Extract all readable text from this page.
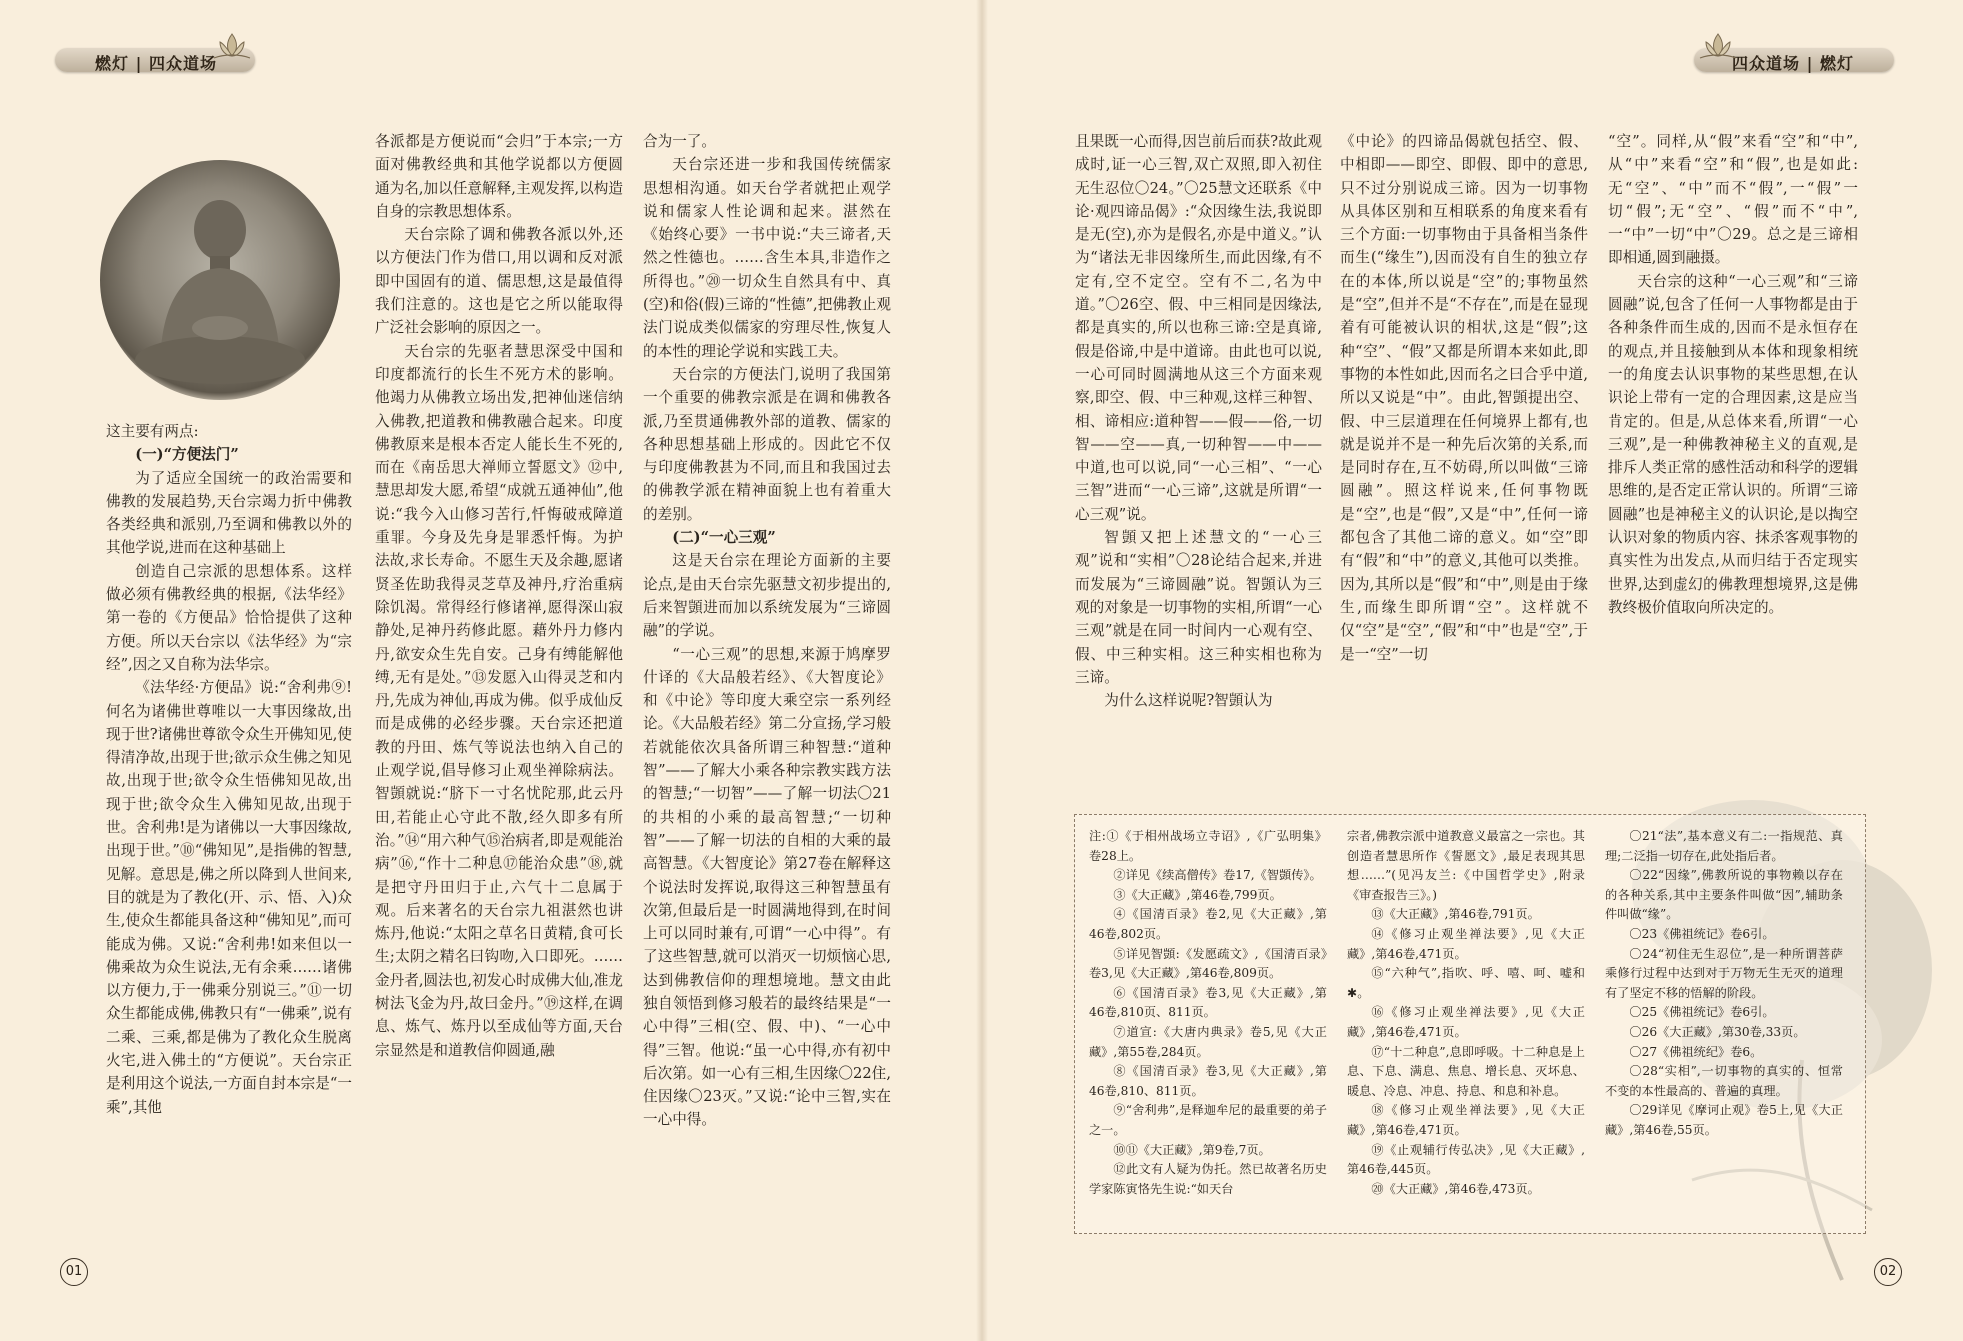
燃灯 | 四众道场

这主要有两点:

(一)“方便法门”

为了适应全国统一的政治需要和佛教的发展趋势,天台宗竭力折中佛教各类经典和派别,乃至调和佛教以外的其他学说,进而在这种基础上

创造自己宗派的思想体系。这样做必须有佛教经典的根据,《法华经》第一卷的《方便品》恰恰提供了这种方便。所以天台宗以《法华经》为“宗经”,因之又自称为法华宗。

《法华经·方便品》说:“舍利弗⑨!何名为诸佛世尊唯以一大事因缘故,出现于世?诸佛世尊欲令众生开佛知见,使得清净故,出现于世;欲示众生佛之知见故,出现于世;欲令众生悟佛知见故,出现于世;欲令众生入佛知见故,出现于世。舍利弗!是为诸佛以一大事因缘故,出现于世。”⑩“佛知见”,是指佛的智慧,见解。意思是,佛之所以降到人世间来,目的就是为了教化(开、示、悟、入)众生,使众生都能具备这种“佛知见”,而可能成为佛。又说:“舍利弗!如来但以一佛乘故为众生说法,无有余乘……诸佛以方便力,于一佛乘分别说三。”⑪一切众生都能成佛,佛教只有“一佛乘”,说有二乘、三乘,都是佛为了教化众生脱离火宅,进入佛土的“方便说”。天台宗正是利用这个说法,一方面自封本宗是“一乘”,其他

各派都是方便说而“会归”于本宗;一方面对佛教经典和其他学说都以方便圆通为名,加以任意解释,主观发挥,以构造自身的宗教思想体系。

天台宗除了调和佛教各派以外,还以方便法门作为借口,用以调和反对派即中国固有的道、儒思想,这是最值得我们注意的。这也是它之所以能取得广泛社会影响的原因之一。

天台宗的先驱者慧思深受中国和印度都流行的长生不死方术的影响。他竭力从佛教立场出发,把神仙迷信纳入佛教,把道教和佛教融合起来。印度佛教原来是根本否定人能长生不死的,而在《南岳思大禅师立誓愿文》⑫中,慧思却发大愿,希望“成就五通神仙”,他说:“我今入山修习苦行,忏悔破戒障道重罪。今身及先身是罪悉忏悔。为护法故,求长寿命。不愿生天及余趣,愿诸贤圣佐助我得灵芝草及神丹,疗治重病除饥渴。常得经行修诸禅,愿得深山寂静处,足神丹药修此愿。藉外丹力修内丹,欲安众生先自安。己身有缚能解他缚,无有是处。”⑬发愿入山得灵芝和内丹,先成为神仙,再成为佛。似乎成仙反而是成佛的必经步骤。天台宗还把道教的丹田、炼气等说法也纳入自己的止观学说,倡导修习止观坐禅除病法。智顗就说:“脐下一寸名忧陀那,此云丹田,若能止心守此不散,经久即多有所治。”⑭“用六种气⑮治病者,即是观能治病”⑯,“作十二种息⑰能治众患”⑱,就是把守丹田归于止,六气十二息属于观。后来著名的天台宗九祖湛然也讲炼丹,他说:“太阳之草名日黄精,食可长生;太阴之精名曰钩吻,入口即死。……金丹者,圆法也,初发心时成佛大仙,准龙树法飞金为丹,故曰金丹。”⑲这样,在调息、炼气、炼丹以至成仙等方面,天台宗显然是和道教信仰圆通,融

合为一了。

天台宗还进一步和我国传统儒家思想相沟通。如天台学者就把止观学说和儒家人性论调和起来。湛然在《始终心要》一书中说:“夫三谛者,天然之性德也。……含生本具,非造作之所得也。”⑳一切众生自然具有中、真(空)和俗(假)三谛的“性德”,把佛教止观法门说成类似儒家的穷理尽性,恢复人的本性的理论学说和实践工夫。

天台宗的方便法门,说明了我国第一个重要的佛教宗派是在调和佛教各派,乃至贯通佛教外部的道教、儒家的各种思想基础上形成的。因此它不仅与印度佛教甚为不同,而且和我国过去的佛教学派在精神面貌上也有着重大的差别。

(二)“一心三观”

这是天台宗在理论方面新的主要论点,是由天台宗先驱慧文初步提出的,后来智顗进而加以系统发展为“三谛圆融”的学说。

“一心三观”的思想,来源于鸠摩罗什译的《大品般若经》、《大智度论》和《中论》等印度大乘空宗一系列经论。《大品般若经》第二分宣扬,学习般若就能依次具备所谓三种智慧:“道种智”——了解大小乘各种宗教实践方法的智慧;“一切智”——了解一切法〇21的共相的小乘的最高智慧;“一切种智”——了解一切法的自相的大乘的最高智慧。《大智度论》第27卷在解释这个说法时发挥说,取得这三种智慧虽有次第,但最后是一时圆满地得到,在时间上可以同时兼有,可谓“一心中得”。有了这些智慧,就可以消灭一切烦恼心思,达到佛教信仰的理想境地。慧文由此独自领悟到修习般若的最终结果是“一心中得”三相(空、假、中)、“一心中得”三智。他说:“虽一心中得,亦有初中后次第。如一心有三相,生因缘〇22住,住因缘〇23灭。”又说:“论中三智,实在一心中得。

01
四众道场 | 燃灯

且果既一心而得,因岂前后而获?故此观成时,证一心三智,双亡双照,即入初住无生忍位〇24。”〇25慧文还联系《中论·观四谛品偈》:“众因缘生法,我说即是无(空),亦为是假名,亦是中道义。”认为“诸法无非因缘所生,而此因缘,有不定有,空不定空。空有不二,名为中道。”〇26空、假、中三相同是因缘法,都是真实的,所以也称三谛:空是真谛,假是俗谛,中是中道谛。由此也可以说,一心可同时圆满地从这三个方面来观察,即空、假、中三种观,这样三种智、相、谛相应:道种智——假——俗,一切智——空——真,一切种智——中——中道,也可以说,同“一心三相”、“一心三智”进而“一心三谛”,这就是所谓“一心三观”说。

智顗又把上述慧文的“一心三观”说和“实相”〇28论结合起来,并进而发展为“三谛圆融”说。智顗认为三观的对象是一切事物的实相,所谓“一心三观”就是在同一时间内一心观有空、假、中三种实相。这三种实相也称为三谛。

为什么这样说呢?智顗认为

《中论》的四谛品偈就包括空、假、中相即——即空、即假、即中的意思,只不过分别说成三谛。因为一切事物从具体区别和互相联系的角度来看有三个方面:一切事物由于具备相当条件而生(“缘生”),因而没有自生的独立存在的本体,所以说是“空”的;事物虽然是“空”,但并不是“不存在”,而是在显现着有可能被认识的相状,这是“假”;这种“空”、“假”又都是所谓本来如此,即事物的本性如此,因而名之曰合乎中道,所以又说是“中”。由此,智顗提出空、假、中三层道理在任何境界上都有,也就是说并不是一种先后次第的关系,而是同时存在,互不妨碍,所以叫做“三谛圆融”。照这样说来,任何事物既是“空”,也是“假”,又是“中”,任何一谛都包含了其他二谛的意义。如“空”即有“假”和“中”的意义,其他可以类推。因为,其所以是“假”和“中”,则是由于缘生,而缘生即所谓“空”。这样就不仅“空”是“空”,“假”和“中”也是“空”,于是一“空”一切

“空”。同样,从“假”来看“空”和“中”,从“中”来看“空”和“假”,也是如此:无“空”、“中”而不“假”,一“假”一切“假”;无“空”、“假”而不“中”,一“中”一切“中”〇29。总之是三谛相即相通,圆到融摄。

天台宗的这种“一心三观”和“三谛圆融”说,包含了任何一人事物都是由于各种条件而生成的,因而不是永恒存在的观点,并且接触到从本体和现象相统一的角度去认识事物的某些思想,在认识论上带有一定的合理因素,这是应当肯定的。但是,从总体来看,所谓“一心三观”,是一种佛教神秘主义的直观,是排斥人类正常的感性活动和科学的逻辑思维的,是否定正常认识的。所谓“三谛圆融”也是神秘主义的认识论,是以掏空认识对象的物质内容、抹杀客观事物的真实性为出发点,从而归结于否定现实世界,达到虚幻的佛教理想境界,这是佛教终极价值取向所决定的。

注:①《于相州战场立寺诏》,《广弘明集》卷28上。

②详见《续高僧传》卷17,《智顗传》。

③《大正藏》,第46卷,799页。

④《国清百录》卷2,见《大正藏》,第46卷,802页。

⑤详见智顗:《发愿疏文》,《国清百录》卷3,见《大正藏》,第46卷,809页。

⑥《国清百录》卷3,见《大正藏》,第46卷,810页、811页。

⑦道宣:《大唐内典录》卷5,见《大正藏》,第55卷,284页。

⑧《国清百录》卷3,见《大正藏》,第46卷,810、811页。

⑨“舍利弗”,是释迦牟尼的最重要的弟子之一。

⑩⑪《大正藏》,第9卷,7页。

⑫此文有人疑为伪托。然已故著名历史学家陈寅恪先生说:“如天台

宗者,佛教宗派中道教意义最富之一宗也。其创造者慧思所作《誓愿文》,最足表现其思想……”(见冯友兰:《中国哲学史》,附录《审查报告三》。)

⑬《大正藏》,第46卷,791页。

⑭《修习止观坐禅法要》,见《大正藏》,第46卷,471页。

⑮“六种气”,指吹、呼、嘻、呵、嘘和✱。

⑯《修习止观坐禅法要》,见《大正藏》,第46卷,471页。

⑰“十二种息”,息即呼吸。十二种息是上息、下息、满息、焦息、增长息、灭坏息、暖息、冷息、冲息、持息、和息和补息。

⑱《修习止观坐禅法要》,见《大正藏》,第46卷,471页。

⑲《止观辅行传弘决》,见《大正藏》,第46卷,445页。

⑳《大正藏》,第46卷,473页。

〇21“法”,基本意义有二:一指规范、真理;二泛指一切存在,此处指后者。

〇22“因缘”,佛教所说的事物赖以存在的各种关系,其中主要条件叫做“因”,辅助条件叫做“缘”。

〇23《佛祖统记》卷6引。

〇24“初住无生忍位”,是一种所谓菩萨乘修行过程中达到对于万物无生无灭的道理有了坚定不移的悟解的阶段。

〇25《佛祖统记》卷6引。

〇26《大正藏》,第30卷,33页。

〇27《佛祖统纪》卷6。

〇28“实相”,一切事物的真实的、恒常不变的本性最高的、普遍的真理。

〇29详见《摩诃止观》卷5上,见《大正藏》,第46卷,55页。

02
